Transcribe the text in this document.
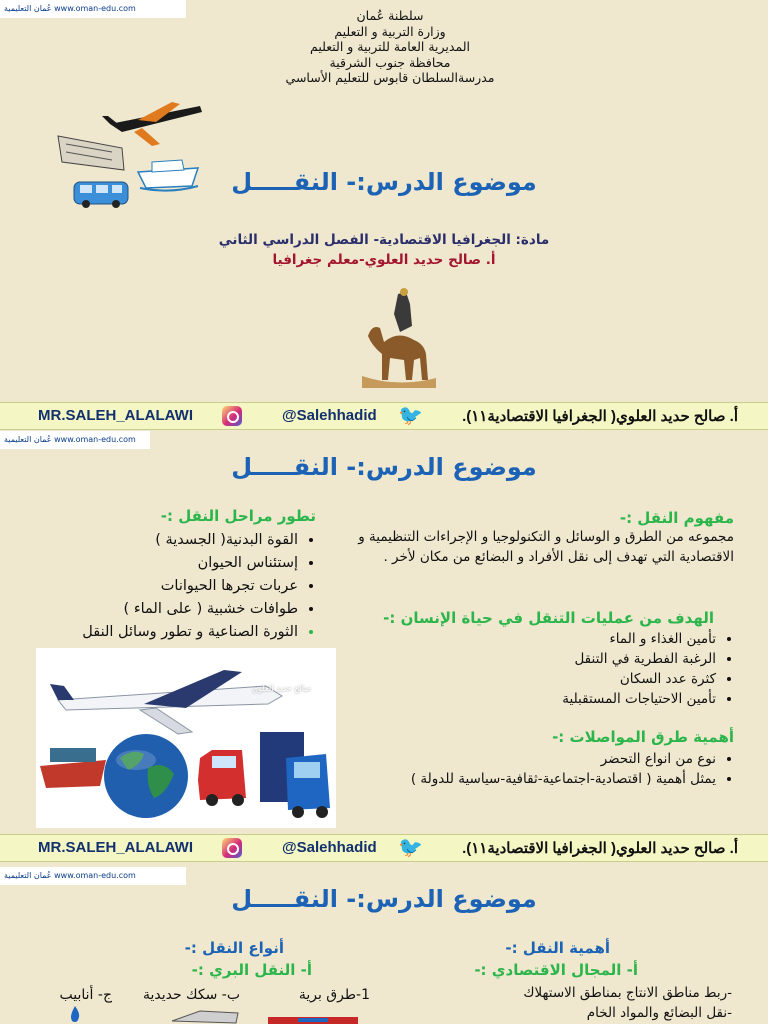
www.oman-edu.com عُمان التعليمية	سلطنة عُمان
وزارة التربية و التعليم
المديرية العامة للتربية و التعليم
محافظة جنوب الشرقية
مدرسةالسلطان قابوس للتعليم الأساسي
موضوع الدرس:- النقـــــل
مادة: الجغرافيا الاقتصادية- الفصل الدراسي الثاني
أ. صالح حديد العلوي-معلم جغرافيا
MR.SALEH_ALALAWI	@Salehhadid 🐦	أ. صالح حديد العلوي( الجغرافيا الاقتصادية١١).
www.oman-edu.com عُمان التعليمية
موضوع الدرس:- النقـــــل
مفهوم النقل :-
مجموعه من الطرق و الوسائل و التكنولوجيا و الإجراءات التنظيمية و الاقتصادية التي تهدف إلى نقل الأفراد و البضائع من مكان لأخر .
الهدف من عمليات التنقل في حياة الإنسان :-
• تأمين الغذاء و الماء
• الرغبة الفطرية في التنقل
• كثرة عدد السكان
• تأمين الاحتياجات المستقبلية
أهمية طرق المواصلات :-
• نوع من انواع التحضر
• يمثل أهمية ( اقتصادية-اجتماعية-ثقافية-سياسية للدولة )
تطور مراحل النقل :-
• القوة البدنية( الجسدية )
• إستئناس الحيوان
• عربات تجرها الحيوانات
• طوافات خشبية ( على الماء )
• الثورة الصناعية و تطور وسائل النقل
صالح حديد العلوي
MR.SALEH_ALALAWI	@Salehhadid 🐦	أ. صالح حديد العلوي( الجغرافيا الاقتصادية١١).
www.oman-edu.com عُمان التعليمية
موضوع الدرس:- النقـــــل
أهمية النقل :-
أ- المجال الاقتصادي :-
-ربط مناطق الانتاج بمناطق الاستهلاك
-نقل البضائع والمواد الخام
أنواع النقل :-
أ- النقل البري :-
1-طرق برية
ب- سكك حديدية
ج- أنابيب
